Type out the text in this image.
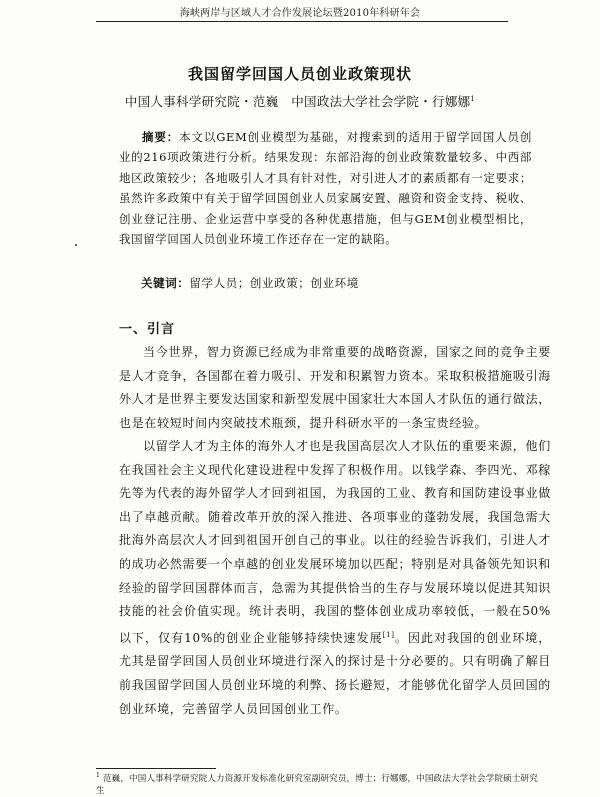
海峡两岸与区域人才合作发展论坛暨2010年科研年会
我国留学回国人员创业政策现状
中国人事科学研究院・范巍　中国政法大学社会学院・行娜娜$^1$
摘要：本文以GEM创业模型为基础，对搜索到的适用于留学回国人员创业的216项政策进行分析。结果发现：东部沿海的创业政策数量较多、中西部地区政策较少；各地吸引人才具有针对性，对引进人才的素质都有一定要求；虽然许多政策中有关于留学回国创业人员家属安置、融资和资金支持、税收、创业登记注册、企业运营中享受的各种优惠措施，但与GEM创业模型相比，我国留学回国人员创业环境工作还存在一定的缺陷。
关键词：留学人员；创业政策；创业环境
一、引言

当今世界，智力资源已经成为非常重要的战略资源，国家之间的竞争主要是人才竞争，各国都在着力吸引、开发和积累智力资本。采取积极措施吸引海外人才是世界主要发达国家和新型发展中国家壮大本国人才队伍的通行做法，也是在较短时间内突破技术瓶颈，提升科研水平的一条宝贵经验。

以留学人才为主体的海外人才也是我国高层次人才队伍的重要来源，他们在我国社会主义现代化建设进程中发挥了积极作用。以钱学森、李四光、邓稼先等为代表的海外留学人才回到祖国，为我国的工业、教育和国防建设事业做出了卓越贡献。随着改革开放的深入推进、各项事业的蓬勃发展，我国急需大批海外高层次人才回到祖国开创自己的事业。以往的经验告诉我们，引进人才的成功必然需要一个卓越的创业发展环境加以匹配；特别是对具备领先知识和经验的留学回国群体而言，急需为其提供恰当的生存与发展环境以促进其知识技能的社会价值实现。统计表明，我国的整体创业成功率较低，一般在50%以下，仅有10%的创业企业能够持续快速发展[1]。因此对我国的创业环境，尤其是留学回国人员创业环境进行深入的探讨是十分必要的。只有明确了解目前我国留学回国人员创业环境的利弊、扬长避短，才能够优化留学人员回国的创业环境，完善留学人员回国创业工作。

$^1$ 范巍，中国人事科学研究院人力资源开发标准化研究室副研究员，博士；行娜娜，中国政法大学社会学院硕士研究生
